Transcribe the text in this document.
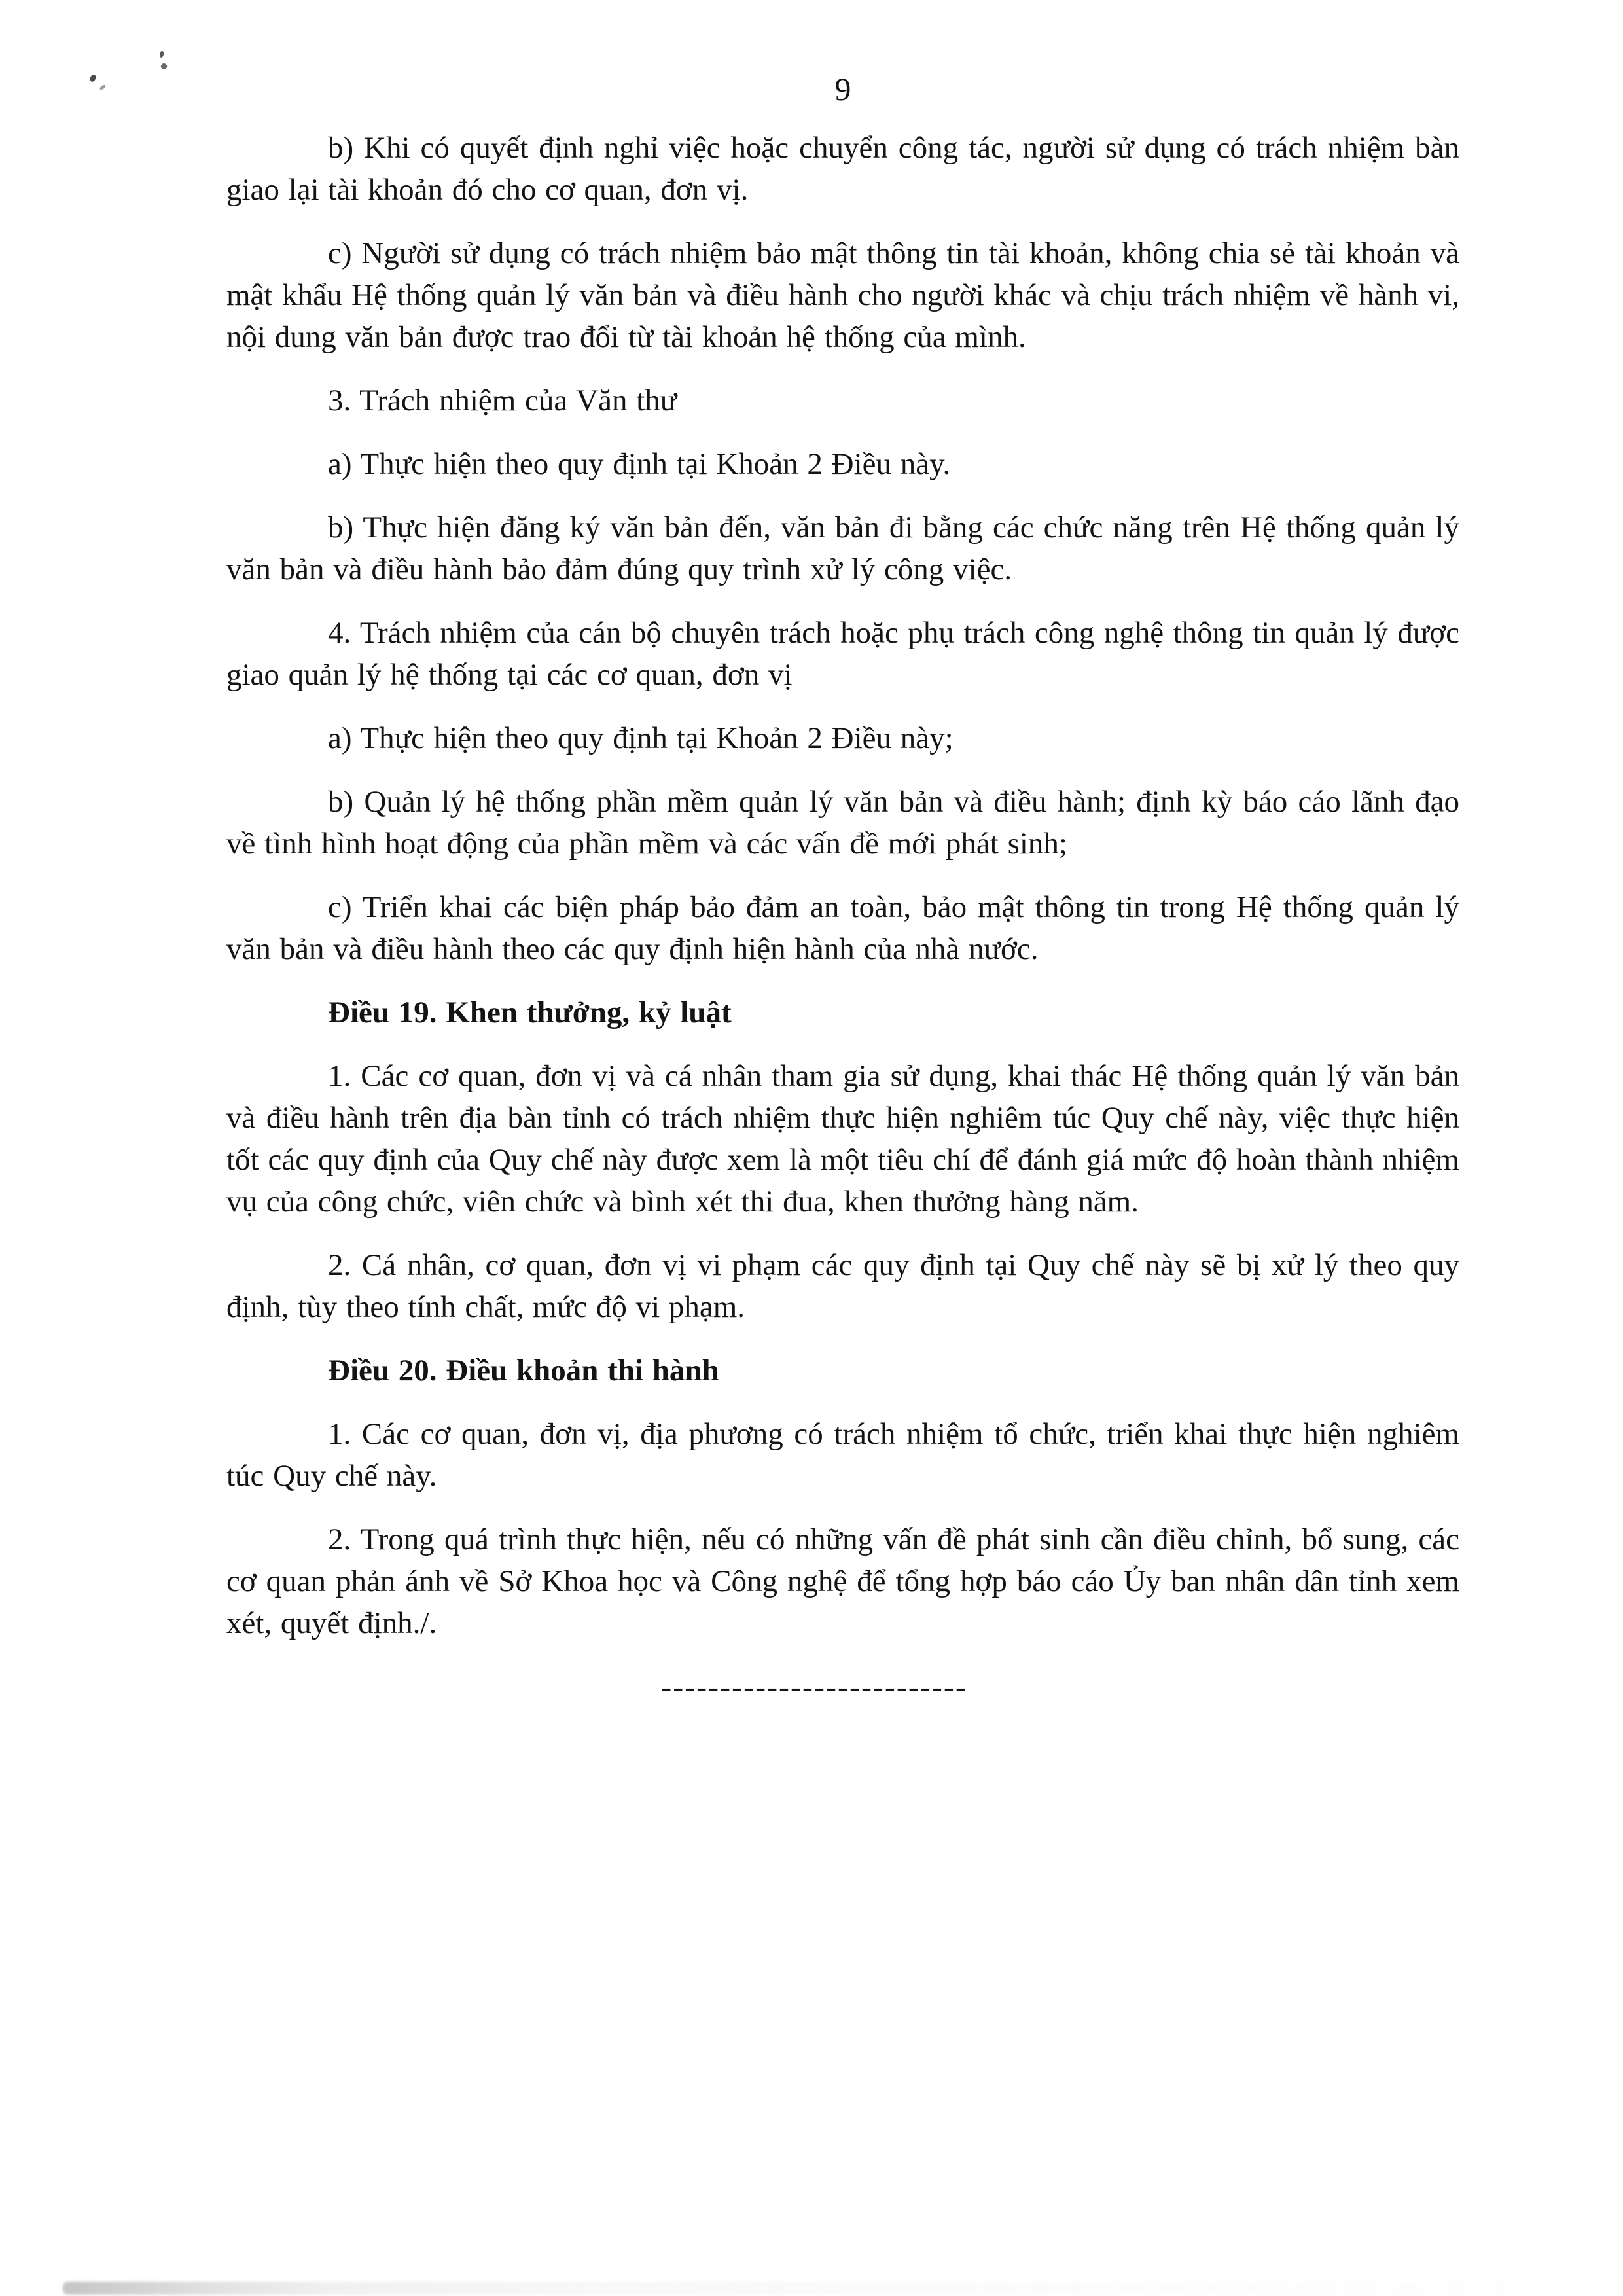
9

b) Khi có quyết định nghỉ việc hoặc chuyển công tác, người sử dụng có trách nhiệm bàn giao lại tài khoản đó cho cơ quan, đơn vị.

c) Người sử dụng có trách nhiệm bảo mật thông tin tài khoản, không chia sẻ tài khoản và mật khẩu Hệ thống quản lý văn bản và điều hành cho người khác và chịu trách nhiệm về hành vi, nội dung văn bản được trao đổi từ tài khoản hệ thống của mình.

3. Trách nhiệm của Văn thư

a) Thực hiện theo quy định tại Khoản 2 Điều này.

b) Thực hiện đăng ký văn bản đến, văn bản đi bằng các chức năng trên Hệ thống quản lý văn bản và điều hành bảo đảm đúng quy trình xử lý công việc.

4. Trách nhiệm của cán bộ chuyên trách hoặc phụ trách công nghệ thông tin quản lý được giao quản lý hệ thống tại các cơ quan, đơn vị

a) Thực hiện theo quy định tại Khoản 2 Điều này;

b) Quản lý hệ thống phần mềm quản lý văn bản và điều hành; định kỳ báo cáo lãnh đạo về tình hình hoạt động của phần mềm và các vấn đề mới phát sinh;

c) Triển khai các biện pháp bảo đảm an toàn, bảo mật thông tin trong Hệ thống quản lý văn bản và điều hành theo các quy định hiện hành của nhà nước.

Điều 19. Khen thưởng, kỷ luật

1. Các cơ quan, đơn vị và cá nhân tham gia sử dụng, khai thác Hệ thống quản lý văn bản và điều hành trên địa bàn tỉnh có trách nhiệm thực hiện nghiêm túc Quy chế này, việc thực hiện tốt các quy định của Quy chế này được xem là một tiêu chí để đánh giá mức độ hoàn thành nhiệm vụ của công chức, viên chức và bình xét thi đua, khen thưởng hàng năm.

2. Cá nhân, cơ quan, đơn vị vi phạm các quy định tại Quy chế này sẽ bị xử lý theo quy định, tùy theo tính chất, mức độ vi phạm.

Điều 20. Điều khoản thi hành

1. Các cơ quan, đơn vị, địa phương có trách nhiệm tổ chức, triển khai thực hiện nghiêm túc Quy chế này.

2. Trong quá trình thực hiện, nếu có những vấn đề phát sinh cần điều chỉnh, bổ sung, các cơ quan phản ánh về Sở Khoa học và Công nghệ để tổng hợp báo cáo Ủy ban nhân dân tỉnh xem xét, quyết định./.

--------------------------
